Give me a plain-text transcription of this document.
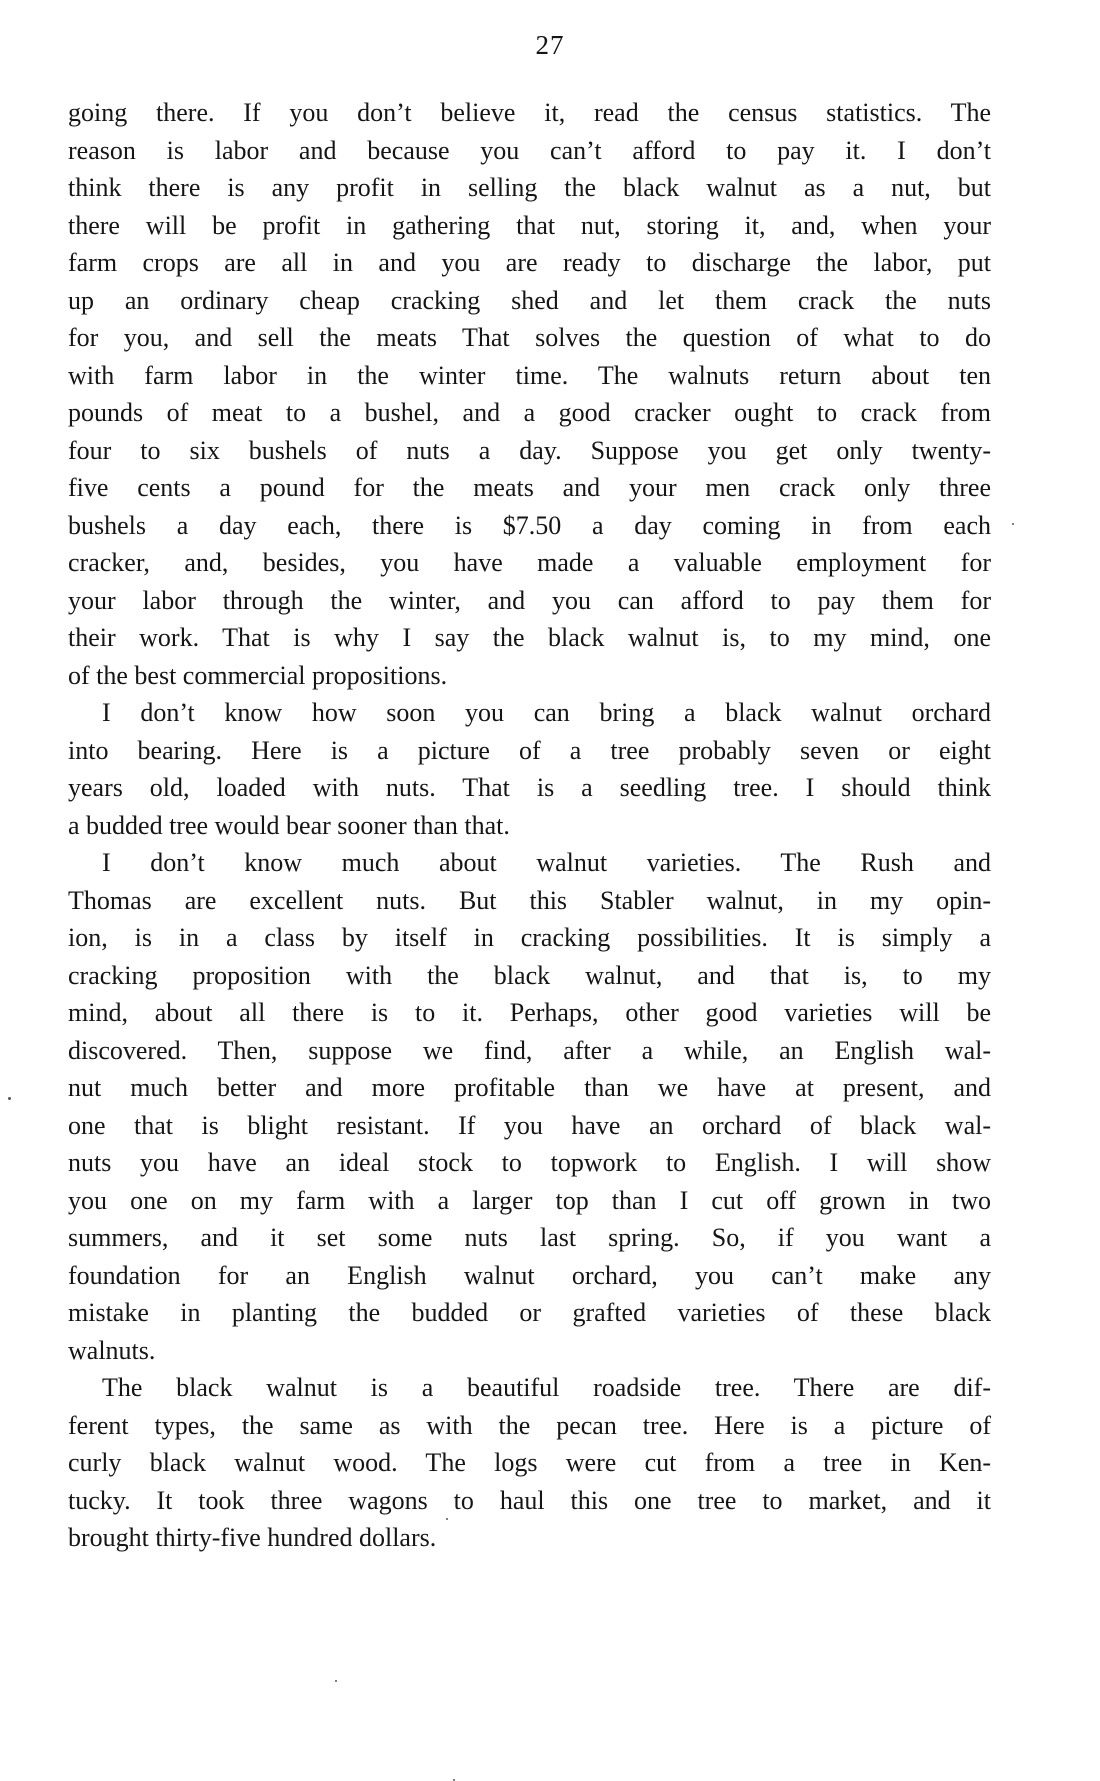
27
going there. If you don’t believe it, read the census statistics. The
reason is labor and because you can’t afford to pay it. I don’t
think there is any profit in selling the black walnut as a nut, but
there will be profit in gathering that nut, storing it, and, when your
farm crops are all in and you are ready to discharge the labor, put
up an ordinary cheap cracking shed and let them crack the nuts
for you, and sell the meats That solves the question of what to do
with farm labor in the winter time. The walnuts return about ten
pounds of meat to a bushel, and a good cracker ought to crack from
four to six bushels of nuts a day. Suppose you get only twenty-
five cents a pound for the meats and your men crack only three
bushels a day each, there is $7.50 a day coming in from each
cracker, and, besides, you have made a valuable employment for
your labor through the winter, and you can afford to pay them for
their work. That is why I say the black walnut is, to my mind, one
of the best commercial propositions.
I don’t know how soon you can bring a black walnut orchard
into bearing. Here is a picture of a tree probably seven or eight
years old, loaded with nuts. That is a seedling tree. I should think
a budded tree would bear sooner than that.
I don’t know much about walnut varieties. The Rush and
Thomas are excellent nuts. But this Stabler walnut, in my opin-
ion, is in a class by itself in cracking possibilities. It is simply a
cracking proposition with the black walnut, and that is, to my
mind, about all there is to it. Perhaps, other good varieties will be
discovered. Then, suppose we find, after a while, an English wal-
nut much better and more profitable than we have at present, and
one that is blight resistant. If you have an orchard of black wal-
nuts you have an ideal stock to topwork to English. I will show
you one on my farm with a larger top than I cut off grown in two
summers, and it set some nuts last spring. So, if you want a
foundation for an English walnut orchard, you can’t make any
mistake in planting the budded or grafted varieties of these black
walnuts.
The black walnut is a beautiful roadside tree. There are dif-
ferent types, the same as with the pecan tree. Here is a picture of
curly black walnut wood. The logs were cut from a tree in Ken-
tucky. It took three wagons to haul this one tree to market, and it
brought thirty-five hundred dollars.
